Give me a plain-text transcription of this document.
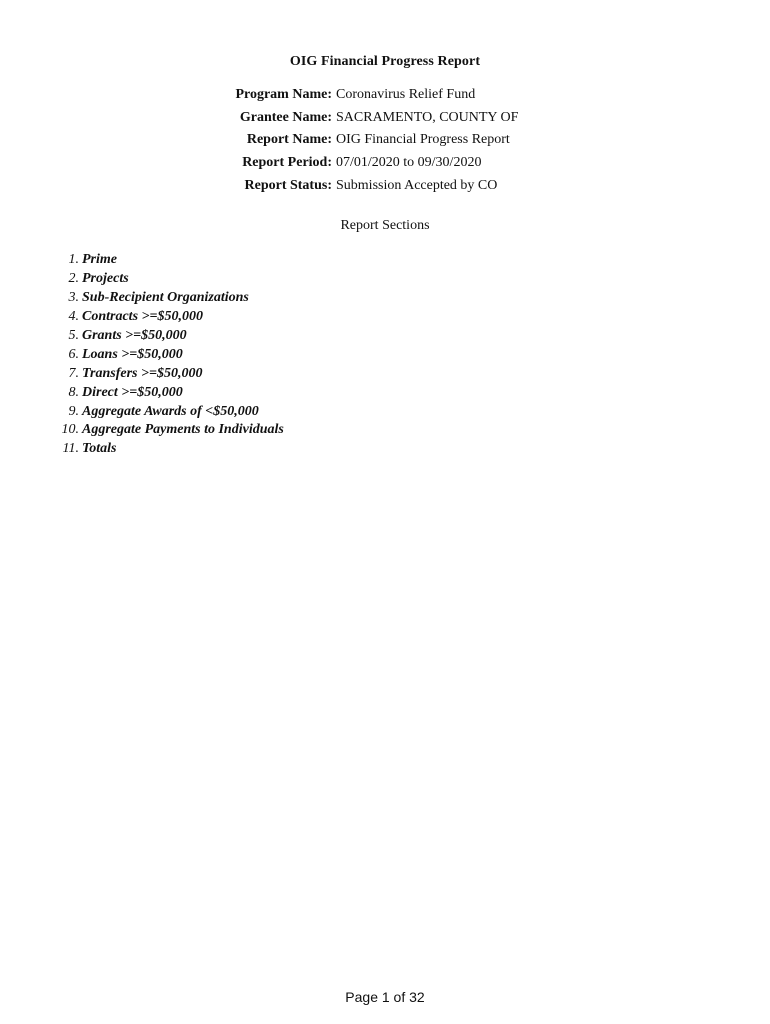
OIG Financial Progress Report
Program Name: Coronavirus Relief Fund
Grantee Name: SACRAMENTO, COUNTY OF
Report Name: OIG Financial Progress Report
Report Period: 07/01/2020 to 09/30/2020
Report Status: Submission Accepted by CO
Report Sections
1. Prime
2. Projects
3. Sub-Recipient Organizations
4. Contracts >=$50,000
5. Grants >=$50,000
6. Loans >=$50,000
7. Transfers >=$50,000
8. Direct >=$50,000
9. Aggregate Awards of <$50,000
10. Aggregate Payments to Individuals
11. Totals
Page 1 of 32
